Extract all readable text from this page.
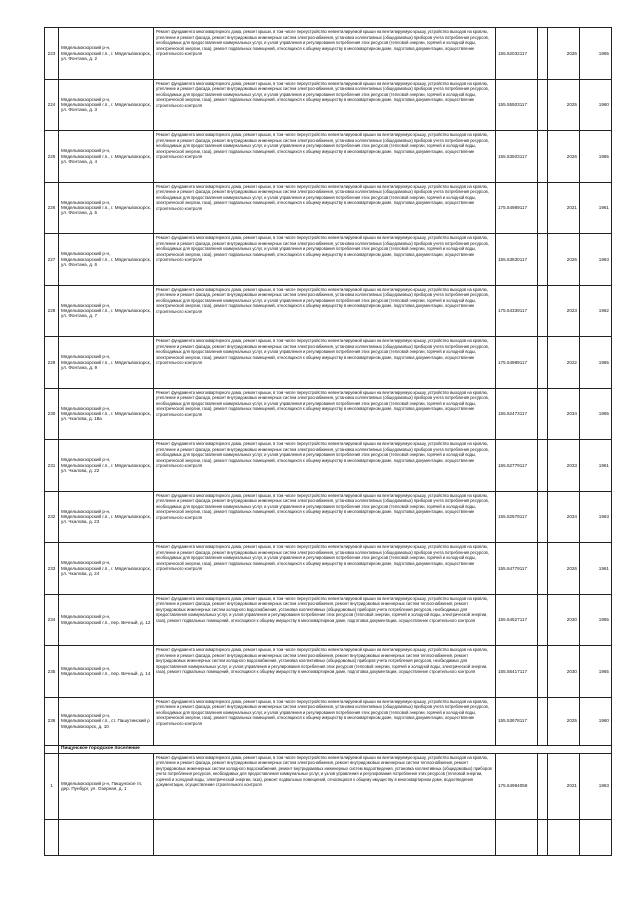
223	Мядельвокзорский р-н, Мядельвокзорский г.п., г. Мядельвокзорск, ул. Фонтана, д. 2	Ремонт фундамента многоквартирного дома, ремонт крыши, в том числе переустройство невентилируемой крыши на вентилируемую крышу, устройство выходов на кровлю, утепление и ремонт фасада, ремонт внутридомовых инженерных систем электроснабжения, установка коллективных (общедомовых) приборов учета потребления ресурсов, необходимых для предоставления коммунальных услуг, и узлов управления и регулирования потребления этих ресурсов (тепловой энергии, горячей и холодной воды, электрической энергии, газа), ремонт подвальных помещений, относящихся к общему имуществу в многоквартирном доме, подготовка документации, осуществление строительного контроля	155.52032117		2026	1965
224	Мядельвокзорский р-н, Мядельвокзорский г.п., г. Мядельвокзорск, ул. Фонтана, д. 3	Ремонт фундамента многоквартирного дома, ремонт крыши, в том числе переустройство невентилируемой крыши на вентилируемую крышу, устройство выходов на кровлю, утепление и ремонт фасада, ремонт внутридомовых инженерных систем электроснабжения, установка коллективных (общедомовых) приборов учета потребления ресурсов, необходимых для предоставления коммунальных услуг, и узлов управления и регулирования потребления этих ресурсов (тепловой энергии, горячей и холодной воды, электрической энергии, газа), ремонт подвальных помещений, относящихся к общему имуществу в многоквартирном доме, подготовка документации, осуществление строительного контроля	155.55503117		2025	1960
225	Мядельвокзорский р-н, Мядельвокзорский г.п., г. Мядельвокзорск, ул. Фонтана, д. 4	Ремонт фундамента многоквартирного дома, ремонт крыши, в том числе переустройство невентилируемой крыши на вентилируемую крышу, устройство выходов на кровлю, утепление и ремонт фасада, ремонт внутридомовых инженерных систем электроснабжения, установка коллективных (общедомовых) приборов учета потребления ресурсов, необходимых для предоставления коммунальных услуг, и узлов управления и регулирования потребления этих ресурсов (тепловой энергии, горячей и холодной воды, электрической энергии, газа), ремонт подвальных помещений, относящихся к общему имуществу в многоквартирном доме, подготовка документации, осуществление строительного контроля	155.53503117		2026	1965
226	Мядельвокзорский р-н, Мядельвокзорский г.п., г. Мядельвокзорск, ул. Фонтана, д. 5	Ремонт фундамента многоквартирного дома, ремонт крыши, в том числе переустройство невентилируемой крыши на вентилируемую крышу, устройство выходов на кровлю, утепление и ремонт фасада, ремонт внутридомовых инженерных систем электроснабжения, установка коллективных (общедомовых) приборов учета потребления ресурсов, необходимых для предоставления коммунальных услуг, и узлов управления и регулирования потребления этих ресурсов (тепловой энергии, горячей и холодной воды, электрической энергии, газа), ремонт подвальных помещений, относящихся к общему имуществу в многоквартирном доме, подготовка документации, осуществление строительного контроля	175.54989117		2021	1961
227	Мядельвокзорский р-н, Мядельвокзорский г.п., г. Мядельвокзорск, ул. Фонтана, д. 6	Ремонт фундамента многоквартирного дома, ремонт крыши, в том числе переустройство невентилируемой крыши на вентилируемую крышу, устройство выходов на кровлю, утепление и ремонт фасада, ремонт внутридомовых инженерных систем электроснабжения, установка коллективных (общедомовых) приборов учета потребления ресурсов, необходимых для предоставления коммунальных услуг, и узлов управления и регулирования потребления этих ресурсов (тепловой энергии, горячей и холодной воды, электрической энергии, газа), ремонт подвальных помещений, относящихся к общему имуществу в многоквартирном доме, подготовка документации, осуществление строительного контроля	155.53630117		2026	1963
228	Мядельвокзорский р-н, Мядельвокзорский г.п., г. Мядельвокзорск, ул. Фонтана, д. 7	Ремонт фундамента многоквартирного дома, ремонт крыши, в том числе переустройство невентилируемой крыши на вентилируемую крышу, устройство выходов на кровлю, утепление и ремонт фасада, ремонт внутридомовых инженерных систем электроснабжения, установка коллективных (общедомовых) приборов учета потребления ресурсов, необходимых для предоставления коммунальных услуг, и узлов управления и регулирования потребления этих ресурсов (тепловой энергии, горячей и холодной воды, электрической энергии, газа), ремонт подвальных помещений, относящихся к общему имуществу в многоквартирном доме, подготовка документации, осуществление строительного контроля	175.54339117		2023	1962
229	Мядельвокзорский р-н, Мядельвокзорский г.п., г. Мядельвокзорск, ул. Фонтана, д. 9	Ремонт фундамента многоквартирного дома, ремонт крыши, в том числе переустройство невентилируемой крыши на вентилируемую крышу, устройство выходов на кровлю, утепление и ремонт фасада, ремонт внутридомовых инженерных систем электроснабжения, установка коллективных (общедомовых) приборов учета потребления ресурсов, необходимых для предоставления коммунальных услуг, и узлов управления и регулирования потребления этих ресурсов (тепловой энергии, горячей и холодной воды, электрической энергии, газа), ремонт подвальных помещений, относящихся к общему имуществу в многоквартирном доме, подготовка документации, осуществление строительного контроля	175.54989117		2022	1965
230	Мядельвокзорский р-н, Мядельвокзорский г.п., г. Мядельвокзорск, ул. Чкалова, д. 18а	Ремонт фундамента многоквартирного дома, ремонт крыши, в том числе переустройство невентилируемой крыши на вентилируемую крышу, устройство выходов на кровлю, утепление и ремонт фасада, ремонт внутридомовых инженерных систем электроснабжения, установка коллективных (общедомовых) приборов учета потребления ресурсов, необходимых для предоставления коммунальных услуг, и узлов управления и регулирования потребления этих ресурсов (тепловой энергии, горячей и холодной воды, электрической энергии, газа), ремонт подвальных помещений, относящихся к общему имуществу в многоквартирном доме, подготовка документации, осуществление строительного контроля	155.52473117		2034	1965
231	Мядельвокзорский р-н, Мядельвокзорский г.п., г. Мядельвокзорск, ул. Чкалова, д. 22	Ремонт фундамента многоквартирного дома, ремонт крыши, в том числе переустройство невентилируемой крыши на вентилируемую крышу, устройство выходов на кровлю, утепление и ремонт фасада, ремонт внутридомовых инженерных систем электроснабжения, установка коллективных (общедомовых) приборов учета потребления ресурсов, необходимых для предоставления коммунальных услуг, и узлов управления и регулирования потребления этих ресурсов (тепловой энергии, горячей и холодной воды, электрической энергии, газа), ремонт подвальных помещений, относящихся к общему имуществу в многоквартирном доме, подготовка документации, осуществление строительного контроля	155.52779117		2033	1961
232	Мядельвокзорский р-н, Мядельвокзорский г.п., г. Мядельвокзорск, ул. Чкалова, д. 23	Ремонт фундамента многоквартирного дома, ремонт крыши, в том числе переустройство невентилируемой крыши на вентилируемую крышу, устройство выходов на кровлю, утепление и ремонт фасада, ремонт внутридомовых инженерных систем электроснабжения, установка коллективных (общедомовых) приборов учета потребления ресурсов, необходимых для предоставления коммунальных услуг, и узлов управления и регулирования потребления этих ресурсов (тепловой энергии, горячей и холодной воды, электрической энергии, газа), ремонт подвальных помещений, относящихся к общему имуществу в многоквартирном доме, подготовка документации, осуществление строительного контроля	155.52579117		2034	1963
233	Мядельвокзорский р-н, Мядельвокзорский г.п., г. Мядельвокзорск, ул. Чкалова, д. 24	Ремонт фундамента многоквартирного дома, ремонт крыши, в том числе переустройство невентилируемой крыши на вентилируемую крышу, устройство выходов на кровлю, утепление и ремонт фасада, ремонт внутридомовых инженерных систем электроснабжения, установка коллективных (общедомовых) приборов учета потребления ресурсов, необходимых для предоставления коммунальных услуг, и узлов управления и регулирования потребления этих ресурсов (тепловой энергии, горячей и холодной воды, электрической энергии, газа), ремонт подвальных помещений, относящихся к общему имуществу в многоквартирном доме, подготовка документации, осуществление строительного контроля	155.54779117		2026	1961
234	Мядельвокзорский р-н, Мядельвокзорский г.п., пер. Вечный, д. 12	Ремонт фундамента многоквартирного дома, ремонт крыши, в том числе переустройство невентилируемой крыши на вентилируемую крышу, устройство выходов на кровлю, утепление и ремонт фасада, ремонт внутридомовых инженерных систем электроснабжения, ремонт внутридомовых инженерных систем теплоснабжения, ремонт внутридомовых инженерных систем холодного водоснабжения, установка коллективных (общедомовых) приборов учета потребления ресурсов, необходимых для предоставления коммунальных услуг, и узлов управления и регулирования потребления этих ресурсов (тепловой энергии, горячей и холодной воды, электрической энергии, газа), ремонт подвальных помещений, относящихся к общему имуществу в многоквартирном доме, подготовка документации, осуществление строительного контроля	155.54527117		2030	1965
235	Мядельвокзорский р-н, Мядельвокзорский г.п., пер. Вечный, д. 14	Ремонт фундамента многоквартирного дома, ремонт крыши, в том числе переустройство невентилируемой крыши на вентилируемую крышу, устройство выходов на кровлю, утепление и ремонт фасада, ремонт внутридомовых инженерных систем электроснабжения, ремонт внутридомовых инженерных систем теплоснабжения, ремонт внутридомовых инженерных систем холодного водоснабжения, установка коллективных (общедомовых) приборов учета потребления ресурсов, необходимых для предоставления коммунальных услуг, и узлов управления и регулирования потребления этих ресурсов (тепловой энергии, горячей и холодной воды, электрической энергии, газа), ремонт подвальных помещений, относящихся к общему имуществу в многоквартирном доме, подготовка документации, осуществление строительного контроля	155.55417117		2030	1965
236	Мядельвокзорский р-н, Мядельвокзорский г.п., ст. Пашутинский р Мядельвокзорск, д. 10	Ремонт фундамента многоквартирного дома, ремонт крыши, в том числе переустройство невентилируемой крыши на вентилируемую крышу, устройство выходов на кровлю, утепление и ремонт фасада, ремонт внутридомовых инженерных систем электроснабжения, установка коллективных (общедомовых) приборов учета потребления ресурсов, необходимых для предоставления коммунальных услуг, и узлов управления и регулирования потребления этих ресурсов (тепловой энергии, горячей и холодной воды, электрической энергии, газа), ремонт подвальных помещений, относящихся к общему имуществу в многоквартирном доме, подготовка документации, осуществление строительного контроля	155.53678117		2025	1960
	Пищунское городское поселение					
1	Мядельвокзорский р-н, Пищунское гп, дер. Пунбург, ул. Озерная, д. 1	Ремонт фундамента многоквартирного дома, ремонт крыши, в том числе переустройство невентилируемой крыши на вентилируемую крышу, устройство выходов на кровлю, утепление и ремонт фасада, ремонт внутридомовых инженерных систем электроснабжения, ремонт внутридомовых инженерных систем теплоснабжения, ремонт внутридомовых инженерных систем холодного водоснабжения, ремонт внутридомовых инженерных систем водоотведения, установка коллективных (общедомовых) приборов учета потребления ресурсов, необходимых для предоставления коммунальных услуг, и узлов управления и регулирования потребления этих ресурсов (тепловой энергии, горячей и холодной воды, электрической энергии, газа), ремонт подвальных помещений, относящихся к общему имуществу в многоквартирном доме, водоотведения документации, осуществление строительного контроля	175.54984058		2021	1963
